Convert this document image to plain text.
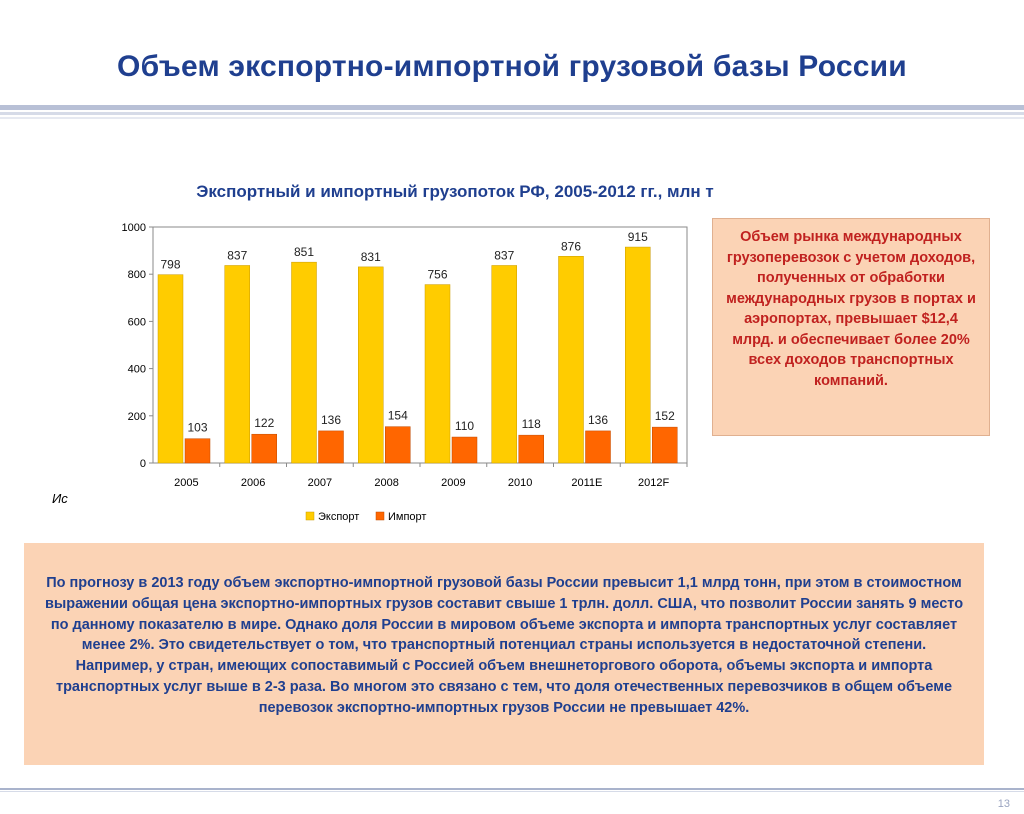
Объем экспортно-импортной грузовой базы России
Экспортный и импортный грузопоток РФ, 2005-2012 гг., млн т
0
200
400
600
800
1000
798
103
837
122
851
136
831
154
756
110
837
118
876
136
915
152
2005	2006	2007	2008	2009	2010	2011E	2012F
Экспорт	Импорт
Ис
Объем рынка международных грузоперевозок с учетом доходов, полученных от обработки международных грузов в портах и аэропортах, превышает $12,4 млрд. и обеспечивает более 20% всех доходов транспортных компаний.
По прогнозу в 2013 году объем экспортно-импортной грузовой базы России превысит 1,1 млрд тонн, при этом в стоимостном выражении общая цена экспортно-импортных грузов составит свыше 1 трлн. долл. США, что позволит России занять 9 место по данному показателю в мире. Однако доля России в мировом объеме экспорта и импорта транспортных услуг составляет менее 2%. Это свидетельствует о том, что транспортный потенциал страны используется в недостаточной степени. Например, у стран, имеющих сопоставимый с Россией объем внешнеторгового оборота, объемы экспорта и импорта транспортных услуг выше в 2-3 раза. Во многом это связано с тем, что доля отечественных перевозчиков в общем объеме перевозок экспортно-импортных грузов России не превышает 42%.
13
